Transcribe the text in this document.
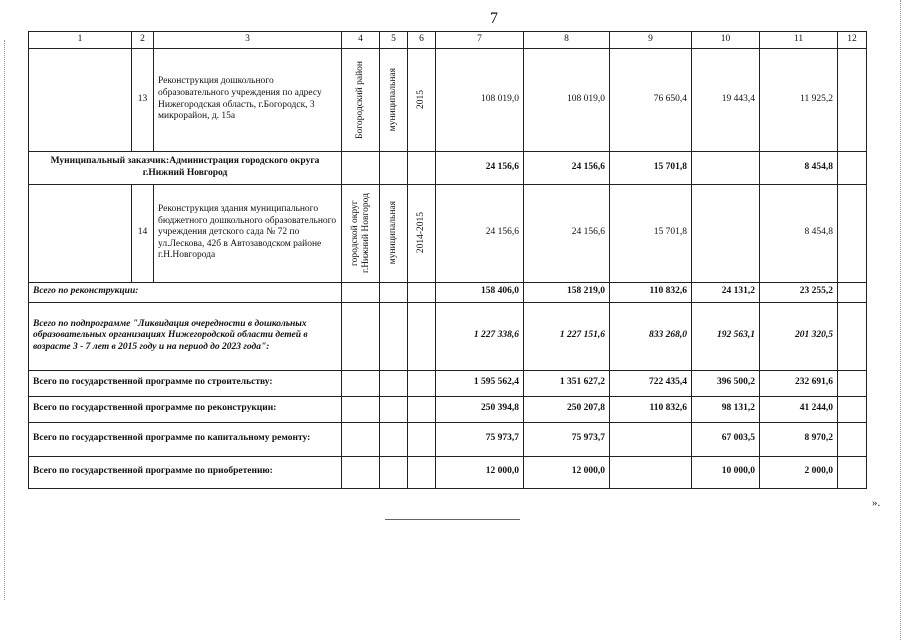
7
1	2	3	4	5	6	7	8	9	10	11	12
	13	Реконструкция дошкольного образовательного учреждения по адресу Нижегородская область, г.Богородск, 3 микрорайон, д. 15а	Богородский район	муниципальная	2015	108 019,0	108 019,0	76 650,4	19 443,4	11 925,2	
Муниципальный заказчик:Администрация городского округа г.Нижний Новгород						24 156,6	24 156,6	15 701,8		8 454,8	
	14	Реконструкция здания муниципального бюджетного дошкольного образовательного учреждения детского сада № 72 по ул.Лескова, 42б в Автозаводском районе г.Н.Новгорода	городской округ г.Нижний Новгород	муниципальная	2014-2015	24 156,6	24 156,6	15 701,8		8 454,8	
Всего по реконструкции:						158 406,0	158 219,0	110 832,6	24 131,2	23 255,2	
Всего по подпрограмме "Ликвидация очередности в дошкольных образовательных организациях Нижегородской области детей в возрасте 3 - 7 лет в 2015 году и на период до 2023 года":						1 227 338,6	1 227 151,6	833 268,0	192 563,1	201 320,5	
Всего по государственной программе по строительству:						1 595 562,4	1 351 627,2	722 435,4	396 500,2	232 691,6	
Всего по государственной программе по реконструкции:						250 394,8	250 207,8	110 832,6	98 131,2	41 244,0	
Всего по государственной программе по капитальному ремонту:						75 973,7	75 973,7		67 003,5	8 970,2	
Всего по государственной программе по приобретению:						12 000,0	12 000,0		10 000,0	2 000,0	
».
